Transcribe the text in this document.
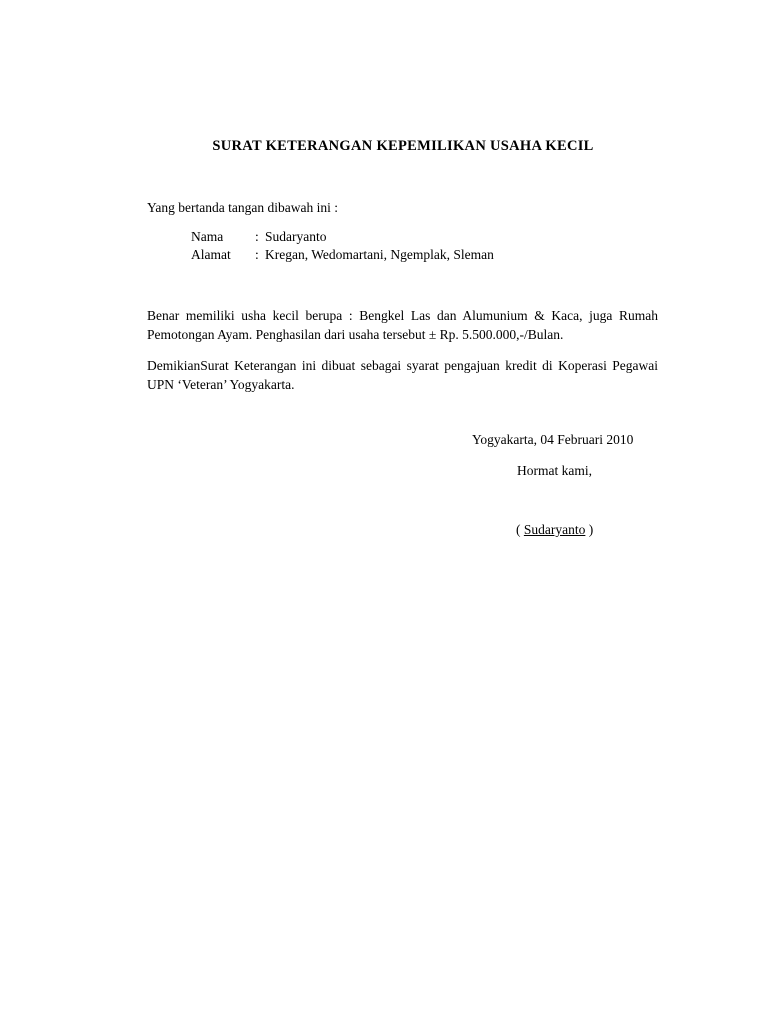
SURAT KETERANGAN KEPEMILIKAN USAHA KECIL
Yang bertanda tangan dibawah ini :
Nama	: Sudaryanto
Alamat	: Kregan, Wedomartani, Ngemplak, Sleman
Benar memiliki usha kecil berupa : Bengkel Las dan Alumunium & Kaca, juga Rumah Pemotongan Ayam. Penghasilan dari usaha tersebut ± Rp. 5.500.000,-/Bulan.
DemikianSurat Keterangan ini dibuat sebagai syarat pengajuan kredit di Koperasi Pegawai UPN ‘Veteran’ Yogyakarta.
Yogyakarta, 04 Februari 2010
Hormat kami,
( Sudaryanto )
